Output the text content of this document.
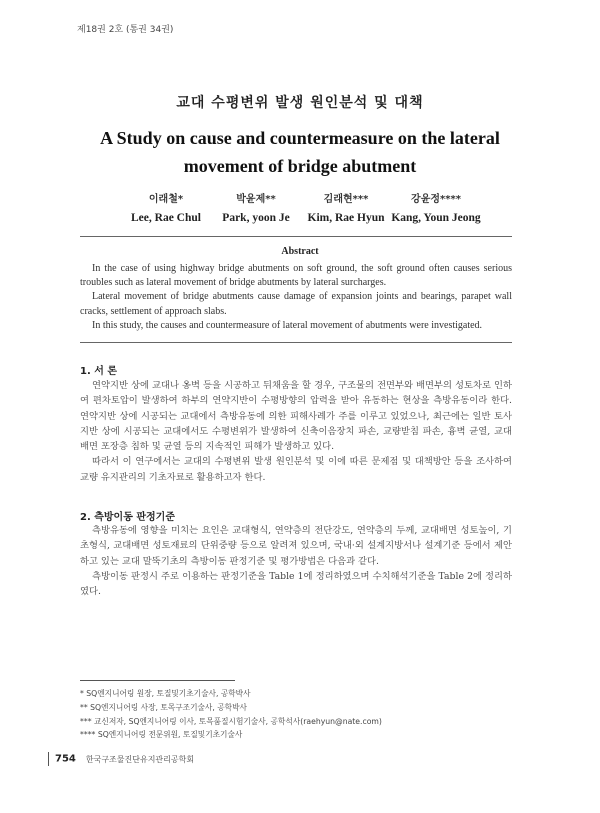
제18권 2호 (통권 34권)
교대 수평변위 발생 원인분석 및 대책
A Study on cause and countermeasure on the lateral movement of bridge abutment
이래철*
Lee, Rae Chul
박윤제**
Park, yoon Je
김래현***
Kim, Rae Hyun
강윤정****
Kang, Youn Jeong
Abstract

In the case of using highway bridge abutments on soft ground, the soft ground often causes serious troubles such as lateral movement of bridge abutments by lateral surcharges.

Lateral movement of bridge abutments cause damage of expansion joints and bearings, parapet wall cracks, settlement of approach slabs.

In this study, the causes and countermeasure of lateral movement of abutments were investigated.

1. 서 론

연약지반 상에 교대나 옹벽 등을 시공하고 뒤채움을 할 경우, 구조물의 전면부와 배면부의 성토차로 인하여 편차토압이 발생하여 하부의 연약지반이 수평방향의 압력을 받아 유동하는 현상을 측방유동이라 한다. 연약지반 상에 시공되는 교대에서 측방유동에 의한 피해사례가 주를 이루고 있었으나, 최근에는 일반 토사지반 상에 시공되는 교대에서도 수평변위가 발생하여 신축이음장치 파손, 교량받침 파손, 흉벽 균열, 교대 배면 포장층 침하 및 균열 등의 지속적인 피해가 발생하고 있다.

따라서 이 연구에서는 교대의 수평변위 발생 원인분석 및 이에 따른 문제점 및 대책방안 등을 조사하여 교량 유지관리의 기초자료로 활용하고자 한다.

2. 측방이동 판정기준

측방유동에 영향을 미치는 요인은 교대형식, 연약층의 전단강도, 연약층의 두께, 교대배면 성토높이, 기초형식, 교대배면 성토재료의 단위중량 등으로 알려져 있으며, 국내·외 설계지방서나 설계기준 등에서 제안하고 있는 교대 말뚝기초의 측방이동 판정기준 및 평가방법은 다음과 같다.

측방이동 판정시 주로 이용하는 판정기준을 Table 1에 정리하였으며 수치해석기준을 Table 2에 정리하였다.

* SQ엔지니어링 원장, 토질및기초기술사, 공학박사
** SQ엔지니어링 사장, 토목구조기술사, 공학박사
*** 교신저자, SQ엔지니어링 이사, 토목품질시험기술사, 공학석사(raehyun@nate.com)
**** SQ엔지니어링 전문위원, 토질및기초기술사
754 한국구조물진단유지관리공학회
